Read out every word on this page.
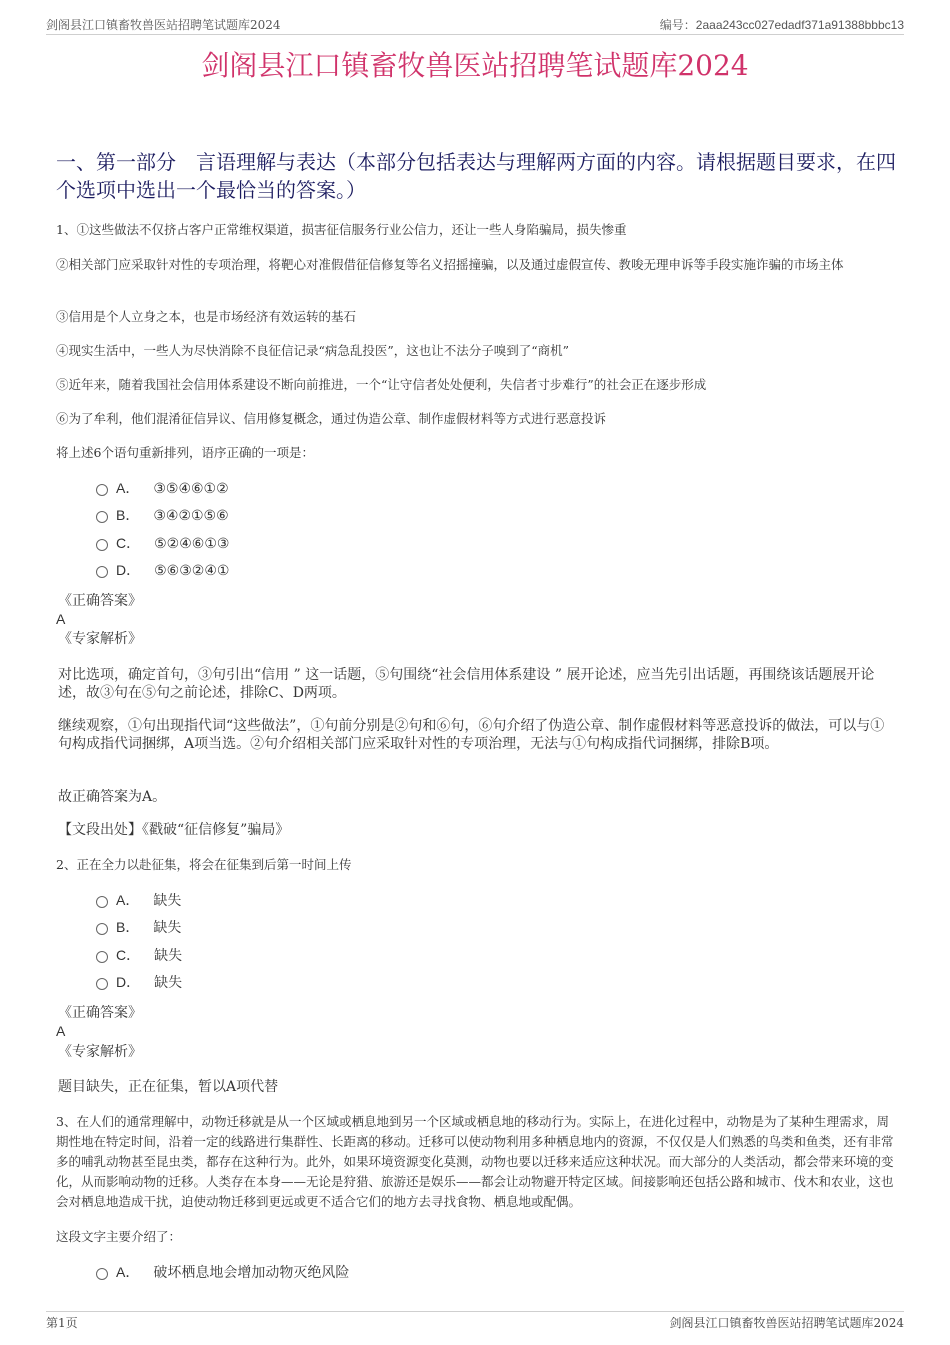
剑阁县江口镇畜牧兽医站招聘笔试题库2024	编号：2aaa243cc027edadf371a91388bbbc13
剑阁县江口镇畜牧兽医站招聘笔试题库2024
一、第一部分　言语理解与表达（本部分包括表达与理解两方面的内容。请根据题目要求，在四个选项中选出一个最恰当的答案。）
1、①这些做法不仅挤占客户正常维权渠道，损害征信服务行业公信力，还让一些人身陷骗局，损失惨重
②相关部门应采取针对性的专项治理，将靶心对准假借征信修复等名义招摇撞骗，以及通过虚假宣传、教唆无理申诉等手段实施诈骗的市场主体
③信用是个人立身之本，也是市场经济有效运转的基石
④现实生活中，一些人为尽快消除不良征信记录“病急乱投医”，这也让不法分子嗅到了“商机”
⑤近年来，随着我国社会信用体系建设不断向前推进，一个“让守信者处处便利，失信者寸步难行”的社会正在逐步形成
⑥为了牟利，他们混淆征信异议、信用修复概念，通过伪造公章、制作虚假材料等方式进行恶意投诉
将上述6个语句重新排列，语序正确的一项是：
A． ③⑤④⑥①②
B． ③④②①⑤⑥
C． ⑤②④⑥①③
D． ⑤⑥③②④①
《正确答案》
A
《专家解析》
对比选项，确定首句，③句引出“信用 ” 这一话题，⑤句围绕“社会信用体系建设 ” 展开论述，应当先引出话题，再围绕该话题展开论述，故③句在⑤句之前论述，排除C、D两项。
继续观察，①句出现指代词“这些做法”，①句前分别是②句和⑥句，⑥句介绍了伪造公章、制作虚假材料等恶意投诉的做法，可以与①句构成指代词捆绑，A项当选。②句介绍相关部门应采取针对性的专项治理，无法与①句构成指代词捆绑，排除B项。
故正确答案为A。
【文段出处】《戳破“征信修复”骗局》
2、正在全力以赴征集，将会在征集到后第一时间上传
A． 缺失
B． 缺失
C． 缺失
D． 缺失
《正确答案》
A
《专家解析》
题目缺失，正在征集，暂以A项代替
3、在人们的通常理解中，动物迁移就是从一个区域或栖息地到另一个区域或栖息地的移动行为。实际上，在进化过程中，动物是为了某种生理需求，周期性地在特定时间，沿着一定的线路进行集群性、长距离的移动。迁移可以使动物利用多种栖息地内的资源，不仅仅是人们熟悉的鸟类和鱼类，还有非常多的哺乳动物甚至昆虫类，都存在这种行为。此外，如果环境资源变化莫测，动物也要以迁移来适应这种状况。而大部分的人类活动，都会带来环境的变化，从而影响动物的迁移。人类存在本身——无论是狩猎、旅游还是娱乐——都会让动物避开特定区域。间接影响还包括公路和城市、伐木和农业，这也会对栖息地造成干扰，迫使动物迁移到更远或更不适合它们的地方去寻找食物、栖息地或配偶。
这段文字主要介绍了：
A． 破坏栖息地会增加动物灭绝风险
第1页	剑阁县江口镇畜牧兽医站招聘笔试题库2024
